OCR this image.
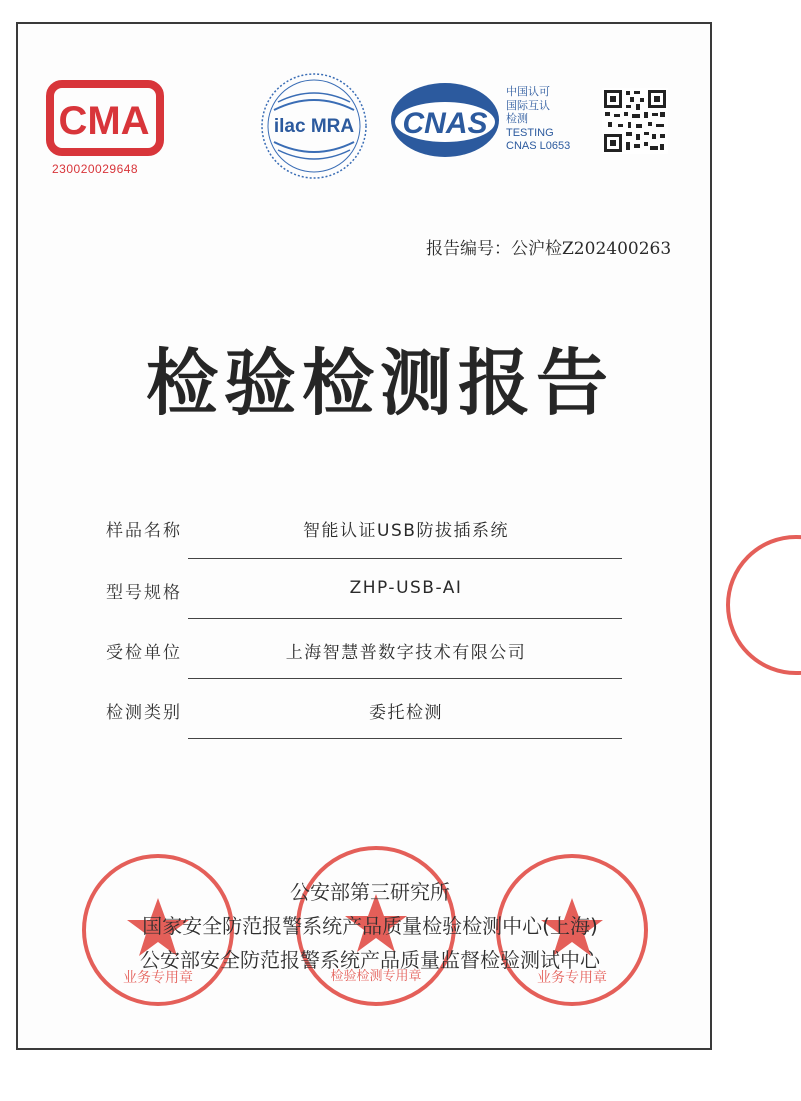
CMA
230020029648
ilac MRA CNAS
中国认可
国际互认
检测
TESTING
CNAS L0653
报告编号：公沪检Z202400263
检验检测报告
样品名称	智能认证USB防拔插系统
型号规格	ZHP-USB-AI
受检单位	上海智慧普数字技术有限公司
检测类别	委托检测
业务专用章	检验检测专用章	业务专用章
公安部第三研究所
国家安全防范报警系统产品质量检验检测中心(上海)
公安部安全防范报警系统产品质量监督检验测试中心
